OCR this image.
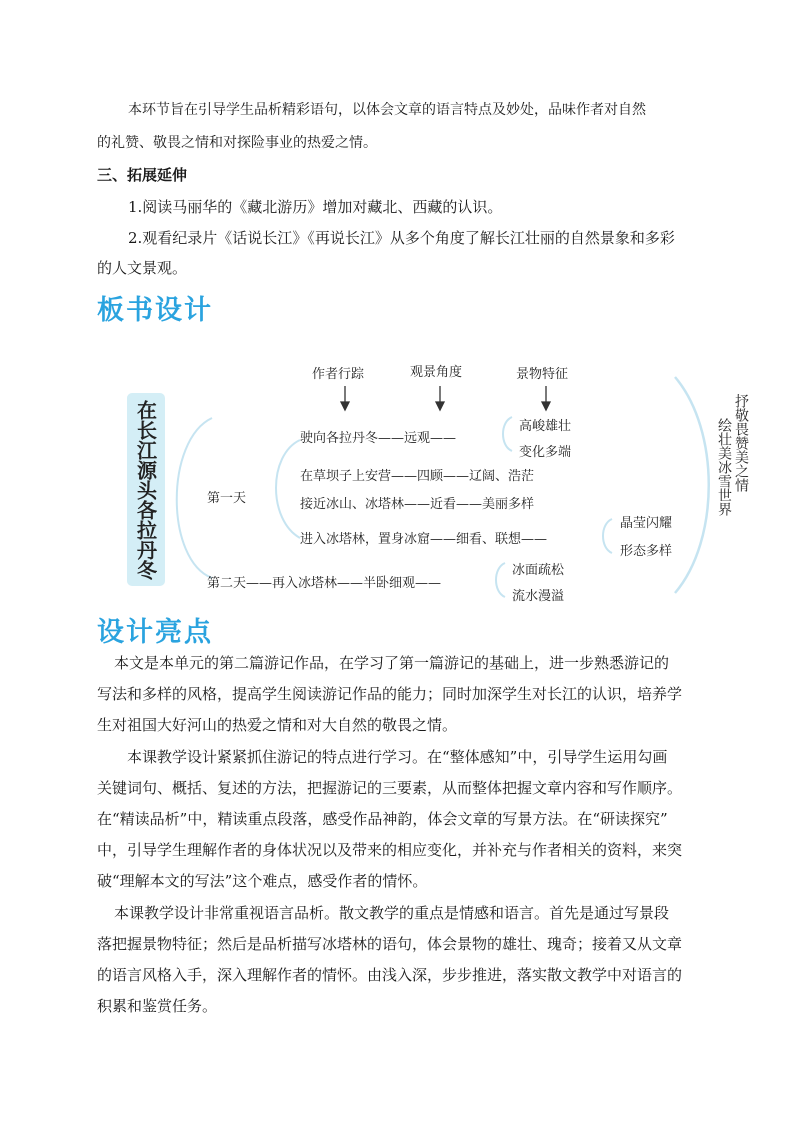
本环节旨在引导学生品析精彩语句，以体会文章的语言特点及妙处，品味作者对自然
的礼赞、敬畏之情和对探险事业的热爱之情。
三、拓展延伸
1.阅读马丽华的《藏北游历》增加对藏北、西藏的认识。
2.观看纪录片《话说长江》《再说长江》从多个角度了解长江壮丽的自然景象和多彩
的人文景观。
板书设计
在长江源头各拉丹冬
作者行踪	观景角度	景物特征
驶向各拉丹冬——远观——
高峻雄壮
变化多端
第一天
在草坝子上安营——四顾——辽阔、浩茫
接近冰山、冰塔林——近看——美丽多样
进入冰塔林，置身冰窟——细看、联想——
晶莹闪耀
形态多样
第二天——再入冰塔林——半卧细观——
冰面疏松
流水漫溢
绘壮美冰雪世界 抒敬畏赞美之情
设计亮点
本文是本单元的第二篇游记作品，在学习了第一篇游记的基础上，进一步熟悉游记的
写法和多样的风格，提高学生阅读游记作品的能力；同时加深学生对长江的认识，培养学
生对祖国大好河山的热爱之情和对大自然的敬畏之情。
本课教学设计紧紧抓住游记的特点进行学习。在“整体感知”中，引导学生运用勾画
关键词句、概括、复述的方法，把握游记的三要素，从而整体把握文章内容和写作顺序。
在“精读品析”中，精读重点段落，感受作品神韵，体会文章的写景方法。在“研读探究”
中，引导学生理解作者的身体状况以及带来的相应变化，并补充与作者相关的资料，来突
破“理解本文的写法”这个难点，感受作者的情怀。
本课教学设计非常重视语言品析。散文教学的重点是情感和语言。首先是通过写景段
落把握景物特征；然后是品析描写冰塔林的语句，体会景物的雄壮、瑰奇；接着又从文章
的语言风格入手，深入理解作者的情怀。由浅入深，步步推进，落实散文教学中对语言的
积累和鉴赏任务。
